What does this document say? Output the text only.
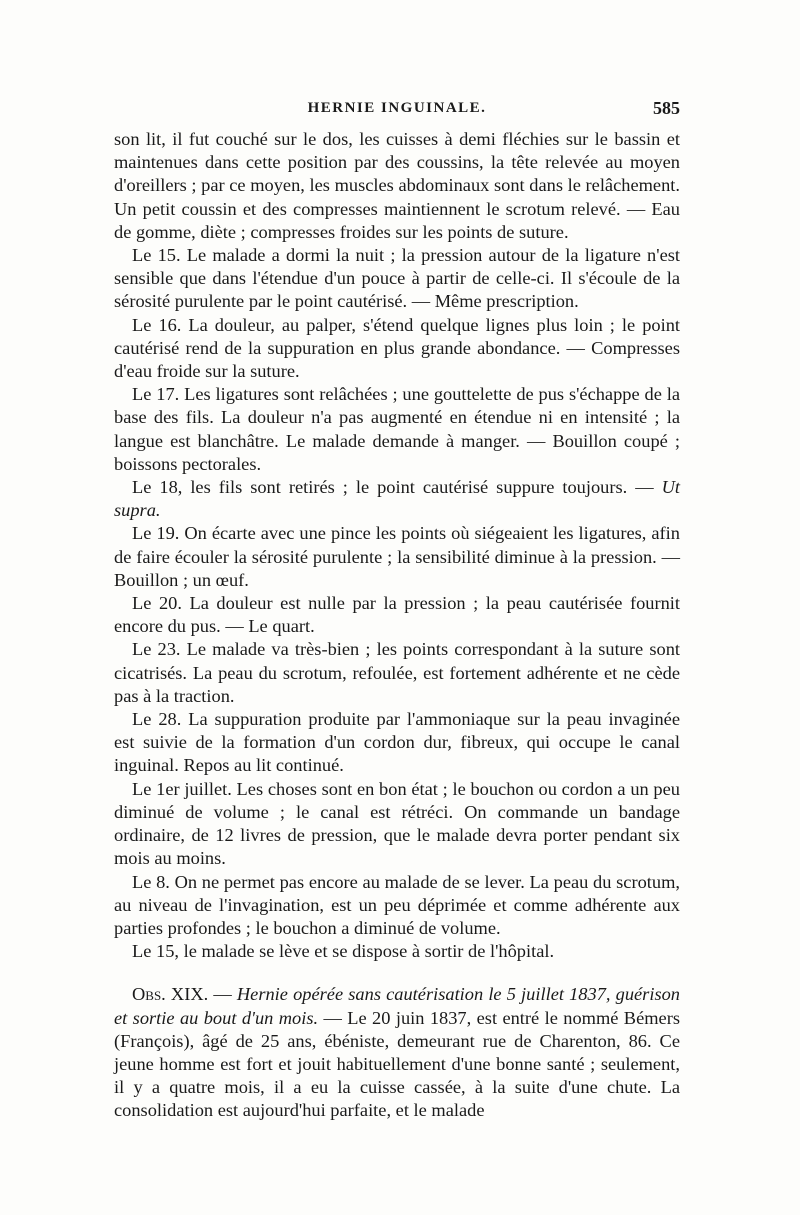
HERNIE INGUINALE.	585

son lit, il fut couché sur le dos, les cuisses à demi fléchies sur le bassin et maintenues dans cette position par des coussins, la tête relevée au moyen d'oreillers ; par ce moyen, les muscles abdominaux sont dans le relâchement. Un petit coussin et des compresses maintiennent le scrotum relevé. — Eau de gomme, diète ; compresses froides sur les points de suture.

Le 15. Le malade a dormi la nuit ; la pression autour de la ligature n'est sensible que dans l'étendue d'un pouce à partir de celle-ci. Il s'écoule de la sérosité purulente par le point cautérisé. — Même prescription.

Le 16. La douleur, au palper, s'étend quelque lignes plus loin ; le point cautérisé rend de la suppuration en plus grande abondance. — Compresses d'eau froide sur la suture.

Le 17. Les ligatures sont relâchées ; une gouttelette de pus s'échappe de la base des fils. La douleur n'a pas augmenté en étendue ni en intensité ; la langue est blanchâtre. Le malade demande à manger. — Bouillon coupé ; boissons pectorales.

Le 18, les fils sont retirés ; le point cautérisé suppure toujours. — Ut supra.

Le 19. On écarte avec une pince les points où siégeaient les ligatures, afin de faire écouler la sérosité purulente ; la sensibilité diminue à la pression. — Bouillon ; un œuf.

Le 20. La douleur est nulle par la pression ; la peau cautérisée fournit encore du pus. — Le quart.

Le 23. Le malade va très-bien ; les points correspondant à la suture sont cicatrisés. La peau du scrotum, refoulée, est fortement adhérente et ne cède pas à la traction.

Le 28. La suppuration produite par l'ammoniaque sur la peau invaginée est suivie de la formation d'un cordon dur, fibreux, qui occupe le canal inguinal. Repos au lit continué.

Le 1er juillet. Les choses sont en bon état ; le bouchon ou cordon a un peu diminué de volume ; le canal est rétréci. On commande un bandage ordinaire, de 12 livres de pression, que le malade devra porter pendant six mois au moins.

Le 8. On ne permet pas encore au malade de se lever. La peau du scrotum, au niveau de l'invagination, est un peu déprimée et comme adhérente aux parties profondes ; le bouchon a diminué de volume.

Le 15, le malade se lève et se dispose à sortir de l'hôpital.

Obs. XIX. — Hernie opérée sans cautérisation le 5 juillet 1837, guérison et sortie au bout d'un mois. — Le 20 juin 1837, est entré le nommé Bémers (François), âgé de 25 ans, ébéniste, demeurant rue de Charenton, 86. Ce jeune homme est fort et jouit habituellement d'une bonne santé ; seulement, il y a quatre mois, il a eu la cuisse cassée, à la suite d'une chute. La consolidation est aujourd'hui parfaite, et le malade
